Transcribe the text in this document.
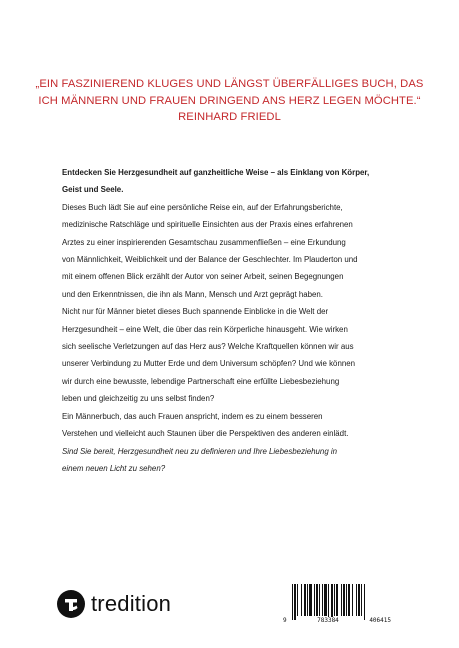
„EIN FASZINIEREND KLUGES UND LÄNGST ÜBERFÄLLIGES BUCH, DAS
ICH MÄNNERN UND FRAUEN DRINGEND ANS HERZ LEGEN MÖCHTE.“
REINHARD FRIEDL

Entdecken Sie Herzgesundheit auf ganzheitliche Weise – als Einklang von Körper,
Geist und Seele.

Dieses Buch lädt Sie auf eine persönliche Reise ein, auf der Erfahrungsberichte,
medizinische Ratschläge und spirituelle Einsichten aus der Praxis eines erfahrenen
Arztes zu einer inspirierenden Gesamtschau zusammenfließen – eine Erkundung
von Männlichkeit, Weiblichkeit und der Balance der Geschlechter. Im Plauderton und
mit einem offenen Blick erzählt der Autor von seiner Arbeit, seinen Begegnungen
und den Erkenntnissen, die ihn als Mann, Mensch und Arzt geprägt haben.

Nicht nur für Männer bietet dieses Buch spannende Einblicke in die Welt der
Herzgesundheit – eine Welt, die über das rein Körperliche hinausgeht. Wie wirken
sich seelische Verletzungen auf das Herz aus? Welche Kraftquellen können wir aus
unserer Verbindung zu Mutter Erde und dem Universum schöpfen? Und wie können
wir durch eine bewusste, lebendige Partnerschaft eine erfüllte Liebesbeziehung
leben und gleichzeitig zu uns selbst finden?

Ein Männerbuch, das auch Frauen anspricht, indem es zu einem besseren
Verstehen und vielleicht auch Staunen über die Perspektiven des anderen einlädt.

Sind Sie bereit, Herzgesundheit neu zu definieren und Ihre Liebesbeziehung in
einem neuen Licht zu sehen?

tredition
9	783384	406415
